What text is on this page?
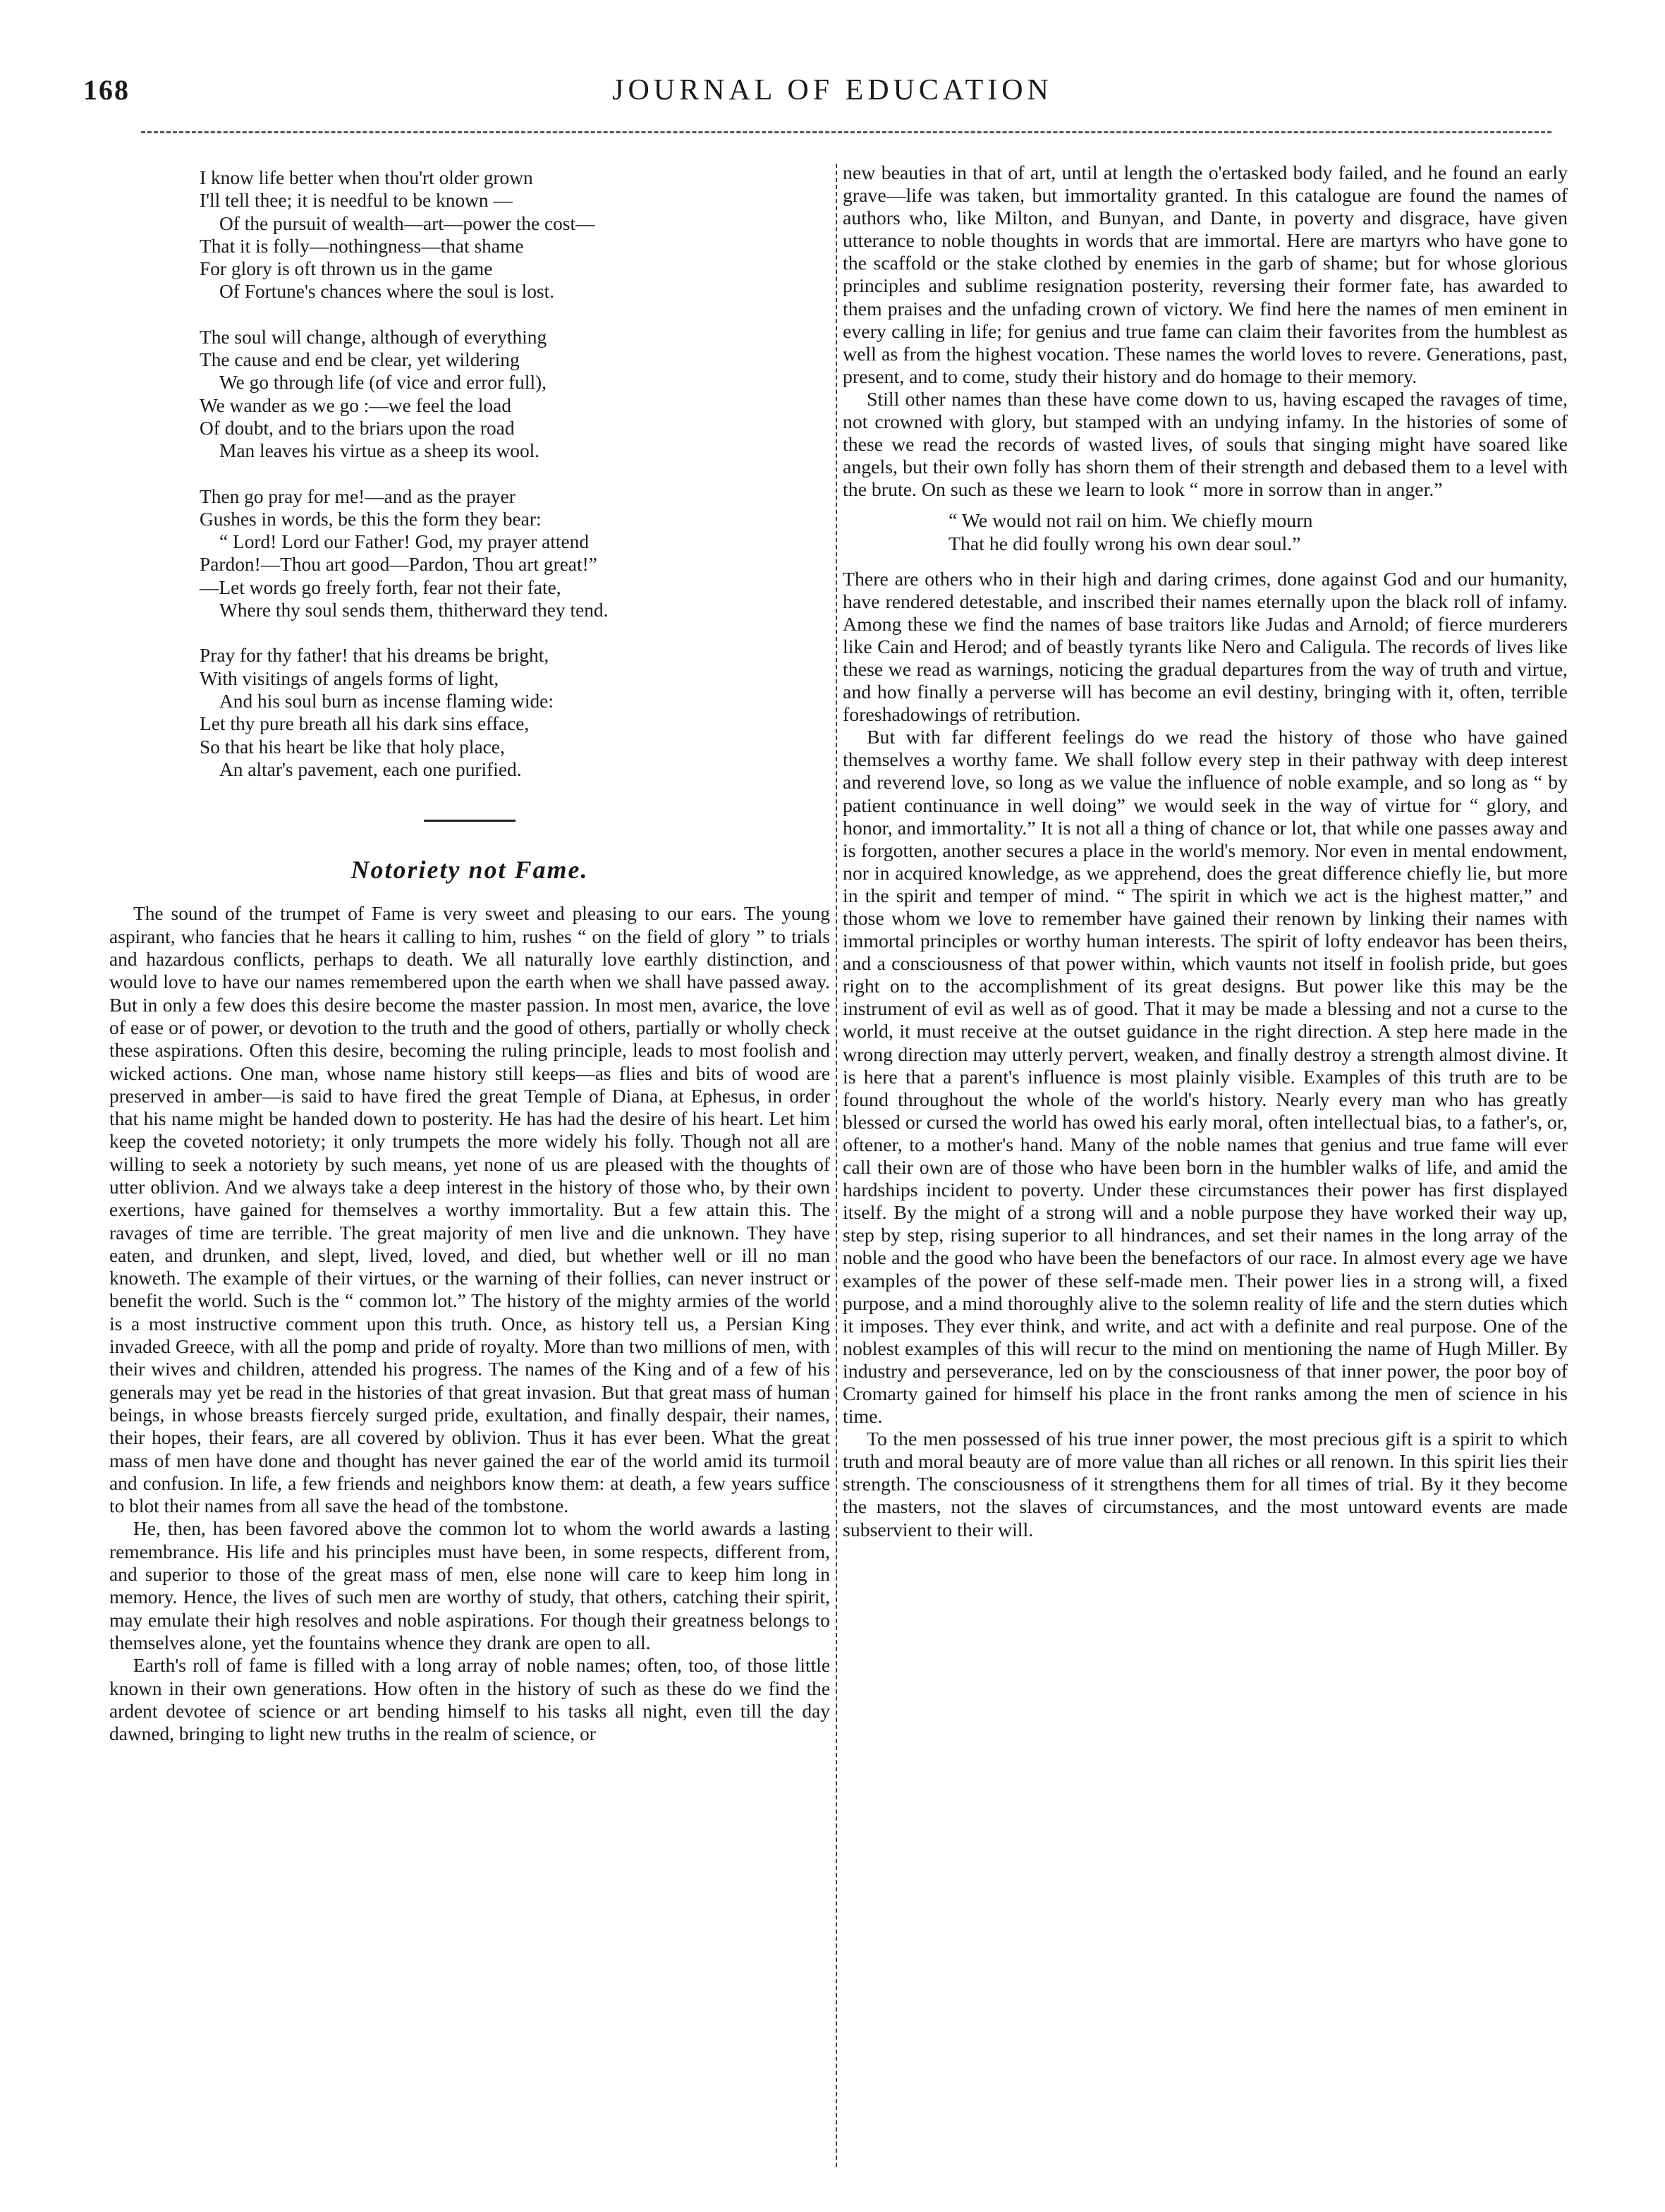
168	JOURNAL OF EDUCATION
I know life better when thou'rt older grown
I'll tell thee; it is needful to be known —
Of the pursuit of wealth—art—power the cost—
That it is folly—nothingness—that shame
For glory is oft thrown us in the game
Of Fortune's chances where the soul is lost.
The soul will change, although of everything
The cause and end be clear, yet wildering
We go through life (of vice and error full),
We wander as we go :—we feel the load
Of doubt, and to the briars upon the road
Man leaves his virtue as a sheep its wool.
Then go pray for me!—and as the prayer
Gushes in words, be this the form they bear:
“ Lord! Lord our Father! God, my prayer attend
Pardon!—Thou art good—Pardon, Thou art great!”
—Let words go freely forth, fear not their fate,
Where thy soul sends them, thitherward they tend.
Pray for thy father! that his dreams be bright,
With visitings of angels forms of light,
And his soul burn as incense flaming wide:
Let thy pure breath all his dark sins efface,
So that his heart be like that holy place,
An altar's pavement, each one purified.
Notoriety not Fame.

The sound of the trumpet of Fame is very sweet and pleasing to our ears. The young aspirant, who fancies that he hears it calling to him, rushes “ on the field of glory ” to trials and hazardous conflicts, perhaps to death. We all naturally love earthly distinction, and would love to have our names remembered upon the earth when we shall have passed away. But in only a few does this desire become the master passion. In most men, avarice, the love of ease or of power, or devotion to the truth and the good of others, partially or wholly check these aspirations. Often this desire, becoming the ruling principle, leads to most foolish and wicked actions. One man, whose name history still keeps—as flies and bits of wood are preserved in amber—is said to have fired the great Temple of Diana, at Ephesus, in order that his name might be handed down to posterity. He has had the desire of his heart. Let him keep the coveted notoriety; it only trumpets the more widely his folly. Though not all are willing to seek a notoriety by such means, yet none of us are pleased with the thoughts of utter oblivion. And we always take a deep interest in the history of those who, by their own exertions, have gained for themselves a worthy immortality. But a few attain this. The ravages of time are terrible. The great majority of men live and die unknown. They have eaten, and drunken, and slept, lived, loved, and died, but whether well or ill no man knoweth. The example of their virtues, or the warning of their follies, can never instruct or benefit the world. Such is the “ common lot.” The history of the mighty armies of the world is a most instructive comment upon this truth. Once, as history tell us, a Persian King invaded Greece, with all the pomp and pride of royalty. More than two millions of men, with their wives and children, attended his progress. The names of the King and of a few of his generals may yet be read in the histories of that great invasion. But that great mass of human beings, in whose breasts fiercely surged pride, exultation, and finally despair, their names, their hopes, their fears, are all covered by oblivion. Thus it has ever been. What the great mass of men have done and thought has never gained the ear of the world amid its turmoil and confusion. In life, a few friends and neighbors know them: at death, a few years suffice to blot their names from all save the head of the tombstone.

He, then, has been favored above the common lot to whom the world awards a lasting remembrance. His life and his principles must have been, in some respects, different from, and superior to those of the great mass of men, else none will care to keep him long in memory. Hence, the lives of such men are worthy of study, that others, catching their spirit, may emulate their high resolves and noble aspirations. For though their greatness belongs to themselves alone, yet the fountains whence they drank are open to all.

Earth's roll of fame is filled with a long array of noble names; often, too, of those little known in their own generations. How often in the history of such as these do we find the ardent devotee of science or art bending himself to his tasks all night, even till the day dawned, bringing to light new truths in the realm of science, or

new beauties in that of art, until at length the o'ertasked body failed, and he found an early grave—life was taken, but immortality granted. In this catalogue are found the names of authors who, like Milton, and Bunyan, and Dante, in poverty and disgrace, have given utterance to noble thoughts in words that are immortal. Here are martyrs who have gone to the scaffold or the stake clothed by enemies in the garb of shame; but for whose glorious principles and sublime resignation posterity, reversing their former fate, has awarded to them praises and the unfading crown of victory. We find here the names of men eminent in every calling in life; for genius and true fame can claim their favorites from the humblest as well as from the highest vocation. These names the world loves to revere. Generations, past, present, and to come, study their history and do homage to their memory.

Still other names than these have come down to us, having escaped the ravages of time, not crowned with glory, but stamped with an undying infamy. In the histories of some of these we read the records of wasted lives, of souls that singing might have soared like angels, but their own folly has shorn them of their strength and debased them to a level with the brute. On such as these we learn to look “ more in sorrow than in anger.”

“ We would not rail on him. We chiefly mourn
That he did foully wrong his own dear soul.”

There are others who in their high and daring crimes, done against God and our humanity, have rendered detestable, and inscribed their names eternally upon the black roll of infamy. Among these we find the names of base traitors like Judas and Arnold; of fierce murderers like Cain and Herod; and of beastly tyrants like Nero and Caligula. The records of lives like these we read as warnings, noticing the gradual departures from the way of truth and virtue, and how finally a perverse will has become an evil destiny, bringing with it, often, terrible foreshadowings of retribution.

But with far different feelings do we read the history of those who have gained themselves a worthy fame. We shall follow every step in their pathway with deep interest and reverend love, so long as we value the influence of noble example, and so long as “ by patient continuance in well doing” we would seek in the way of virtue for “ glory, and honor, and immortality.” It is not all a thing of chance or lot, that while one passes away and is forgotten, another secures a place in the world's memory. Nor even in mental endowment, nor in acquired knowledge, as we apprehend, does the great difference chiefly lie, but more in the spirit and temper of mind. “ The spirit in which we act is the highest matter,” and those whom we love to remember have gained their renown by linking their names with immortal principles or worthy human interests. The spirit of lofty endeavor has been theirs, and a consciousness of that power within, which vaunts not itself in foolish pride, but goes right on to the accomplishment of its great designs. But power like this may be the instrument of evil as well as of good. That it may be made a blessing and not a curse to the world, it must receive at the outset guidance in the right direction. A step here made in the wrong direction may utterly pervert, weaken, and finally destroy a strength almost divine. It is here that a parent's influence is most plainly visible. Examples of this truth are to be found throughout the whole of the world's history. Nearly every man who has greatly blessed or cursed the world has owed his early moral, often intellectual bias, to a father's, or, oftener, to a mother's hand. Many of the noble names that genius and true fame will ever call their own are of those who have been born in the humbler walks of life, and amid the hardships incident to poverty. Under these circumstances their power has first displayed itself. By the might of a strong will and a noble purpose they have worked their way up, step by step, rising superior to all hindrances, and set their names in the long array of the noble and the good who have been the benefactors of our race. In almost every age we have examples of the power of these self-made men. Their power lies in a strong will, a fixed purpose, and a mind thoroughly alive to the solemn reality of life and the stern duties which it imposes. They ever think, and write, and act with a definite and real purpose. One of the noblest examples of this will recur to the mind on mentioning the name of Hugh Miller. By industry and perseverance, led on by the consciousness of that inner power, the poor boy of Cromarty gained for himself his place in the front ranks among the men of science in his time.

To the men possessed of his true inner power, the most precious gift is a spirit to which truth and moral beauty are of more value than all riches or all renown. In this spirit lies their strength. The consciousness of it strengthens them for all times of trial. By it they become the masters, not the slaves of circumstances, and the most untoward events are made subservient to their will.
